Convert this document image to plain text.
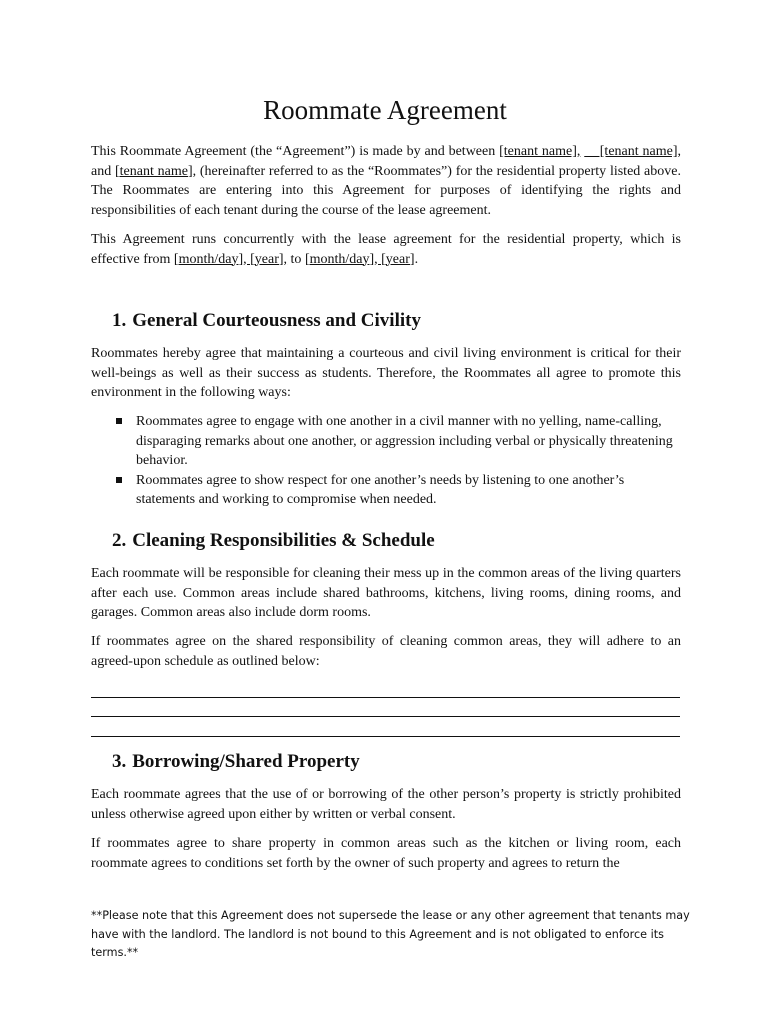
Roommate Agreement

This Roommate Agreement (the “Agreement”) is made by and between [tenant name],     [tenant name], and [tenant name], (hereinafter referred to as the “Roommates”) for the residential property listed above. The Roommates are entering into this Agreement for purposes of identifying the rights and responsibilities of each tenant during the course of the lease agreement.

This Agreement runs concurrently with the lease agreement for the residential property, which is effective from [month/day], [year], to [month/day], [year].

1. General Courteousness and Civility

Roommates hereby agree that maintaining a courteous and civil living environment is critical for their well-beings as well as their success as students. Therefore, the Roommates all agree to promote this environment in the following ways:

Roommates agree to engage with one another in a civil manner with no yelling, name-calling, disparaging remarks about one another, or aggression including verbal or physically threatening behavior.
Roommates agree to show respect for one another’s needs by listening to one another’s statements and working to compromise when needed.
2. Cleaning Responsibilities & Schedule

Each roommate will be responsible for cleaning their mess up in the common areas of the living quarters after each use. Common areas include shared bathrooms, kitchens, living rooms, dining rooms, and garages. Common areas also include dorm rooms.

If roommates agree on the shared responsibility of cleaning common areas, they will adhere to an agreed-upon schedule as outlined below:

3. Borrowing/Shared Property

Each roommate agrees that the use of or borrowing of the other person’s property is strictly prohibited unless otherwise agreed upon either by written or verbal consent.

If roommates agree to share property in common areas such as the kitchen or living room, each roommate agrees to conditions set forth by the owner of such property and agrees to return the

**Please note that this Agreement does not supersede the lease or any other agreement that tenants may have with the landlord. The landlord is not bound to this Agreement and is not obligated to enforce its terms.**
